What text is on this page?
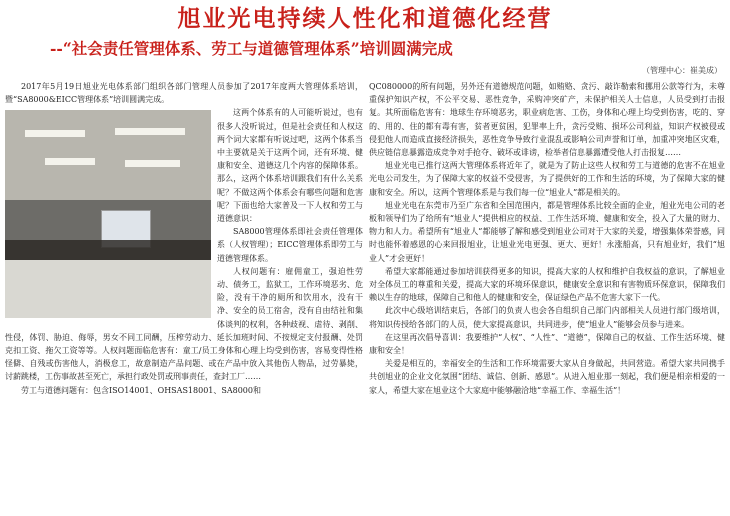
旭业光电持续人性化和道德化经营
--“社会责任管理体系、劳工与道德管理体系”培训圆满完成
（管理中心：崔美成）

2017年5月19日旭业光电体系部门组织各部门管理人员参加了2017年度两大管理体系培训，暨“SA8000&EICC管理体系”培训圆满完成。

这两个体系有的人可能听说过，也有很多人没听说过，但是社会责任和人权这两个词大家都有听说过吧，这两个体系当中主要就是关于这两个词，还有环境、健康和安全、道德这几个内容的保障体系。那么，这两个体系培训跟我们有什么关系呢？不做这两个体系会有哪些问题和危害呢？下面也给大家普及一下人权和劳工与道德意识：

SA8000管理体系即社会责任管理体系（人权管理）；EICC管理体系即劳工与道德管理体系。

人权问题有：雇佣童工，强迫性劳动、债务工，监狱工，工作环境恶劣、危险，没有干净的厕所和饮用水，没有干净、安全的员工宿舍，没有自由结社和集体谈判的权利，各种歧视、虐待、剥削、性侵，体罚、胁迫、侮辱，男女不同工同酬，压榨劳动力、延长加班时间、不按规定支付报酬、处罚克扣工资、拖欠工资等等。人权问题面临危害有：童工/员工身体和心理上均受到伤害，容易变得性格怪僻、自残或伤害他人，消极怠工，故意制造产品问题、或在产品中放入其他伤人物品，过劳暴毙，讨薪跳楼，工伤事故甚至死亡，承担行政处罚或刑事责任，查封工厂……

劳工与道德问题有：包含ISO14001、OHSAS18001、SA8000和

QC080000的所有问题，另外还有道德规范问题，如贿赂、贪污、敲诈勒索和挪用公款等行为，未尊重保护知识产权，不公平交易、恶性竞争，采购冲突矿产，未保护相关人士信息，人员受到打击报复。其所面临危害有：地球生存环境恶劣，职业病危害、工伤，身体和心理上均受到伤害，吃的、穿的、用的、住的都有毒有害，贫者更贫困，犯罪率上升，贪污受贿、损坏公司利益，知识产权被侵或侵犯他人而造成直接经济损失，恶性竞争导致行业混乱或影响公司声誉和订单，加重冲突地区灾难，供应链信息暴露造成竞争对手抢夺、破坏或诽谤，检举者信息暴露遭受他人打击报复……

旭业光电已推行这两大管理体系将近年了，就是为了防止这些人权和劳工与道德的危害不在旭业光电公司发生，为了保障大家的权益不受侵害，为了提供好的工作和生活的环境，为了保障大家的健康和安全。所以，这两个管理体系是与我们每一位“旭业人”都是相关的。

旭业光电在东莞市乃至广东省和全国范围内，都是管理体系比较全面的企业，旭业光电公司的老板和领导们为了给所有“旭业人”提供相应的权益、工作生活环境、健康和安全，投入了大量的财力、物力和人力。希望所有“旭业人”都能够了解和感受到旭业公司对于大家的关爱，增强集体荣誉感，同时也能怀着感恩的心来回报旭业，让旭业光电更强、更大、更好！永涨船高，只有旭业好，我们“旭业人”才会更好！

希望大家都能通过参加培训获得更多的知识，提高大家的人权和维护自我权益的意识，了解旭业对全体员工的尊重和关爱，提高大家的环境环保意识，健康安全意识和有害物质环保意识，保障我们赖以生存的地球，保障自己和他人的健康和安全，保证绿色产品不危害大家下一代。

此次中心级培训结束后，各部门的负责人也会各自组织自己部门内部相关人员进行部门级培训，将知识传授给各部门的人员，使大家提高意识，共同进步，使“旭业人”能够会员参与进来。

在这里再次倡导喜训：我要维护“人权”、“人性”、“道德”，保障自己的权益、工作生活环境、健康和安全！

关爱是相互的，幸福安全的生活和工作环境需要大家从自身做起，共同营造。希望大家共同携手共创旭业的企业文化氛围“团结、诚信、创新、感恩”。从进入旭业那一刻起，我们便是相亲相爱的一家人，希望大家在旭业这个大家庭中能够融洽地“幸福工作、幸福生活”！
